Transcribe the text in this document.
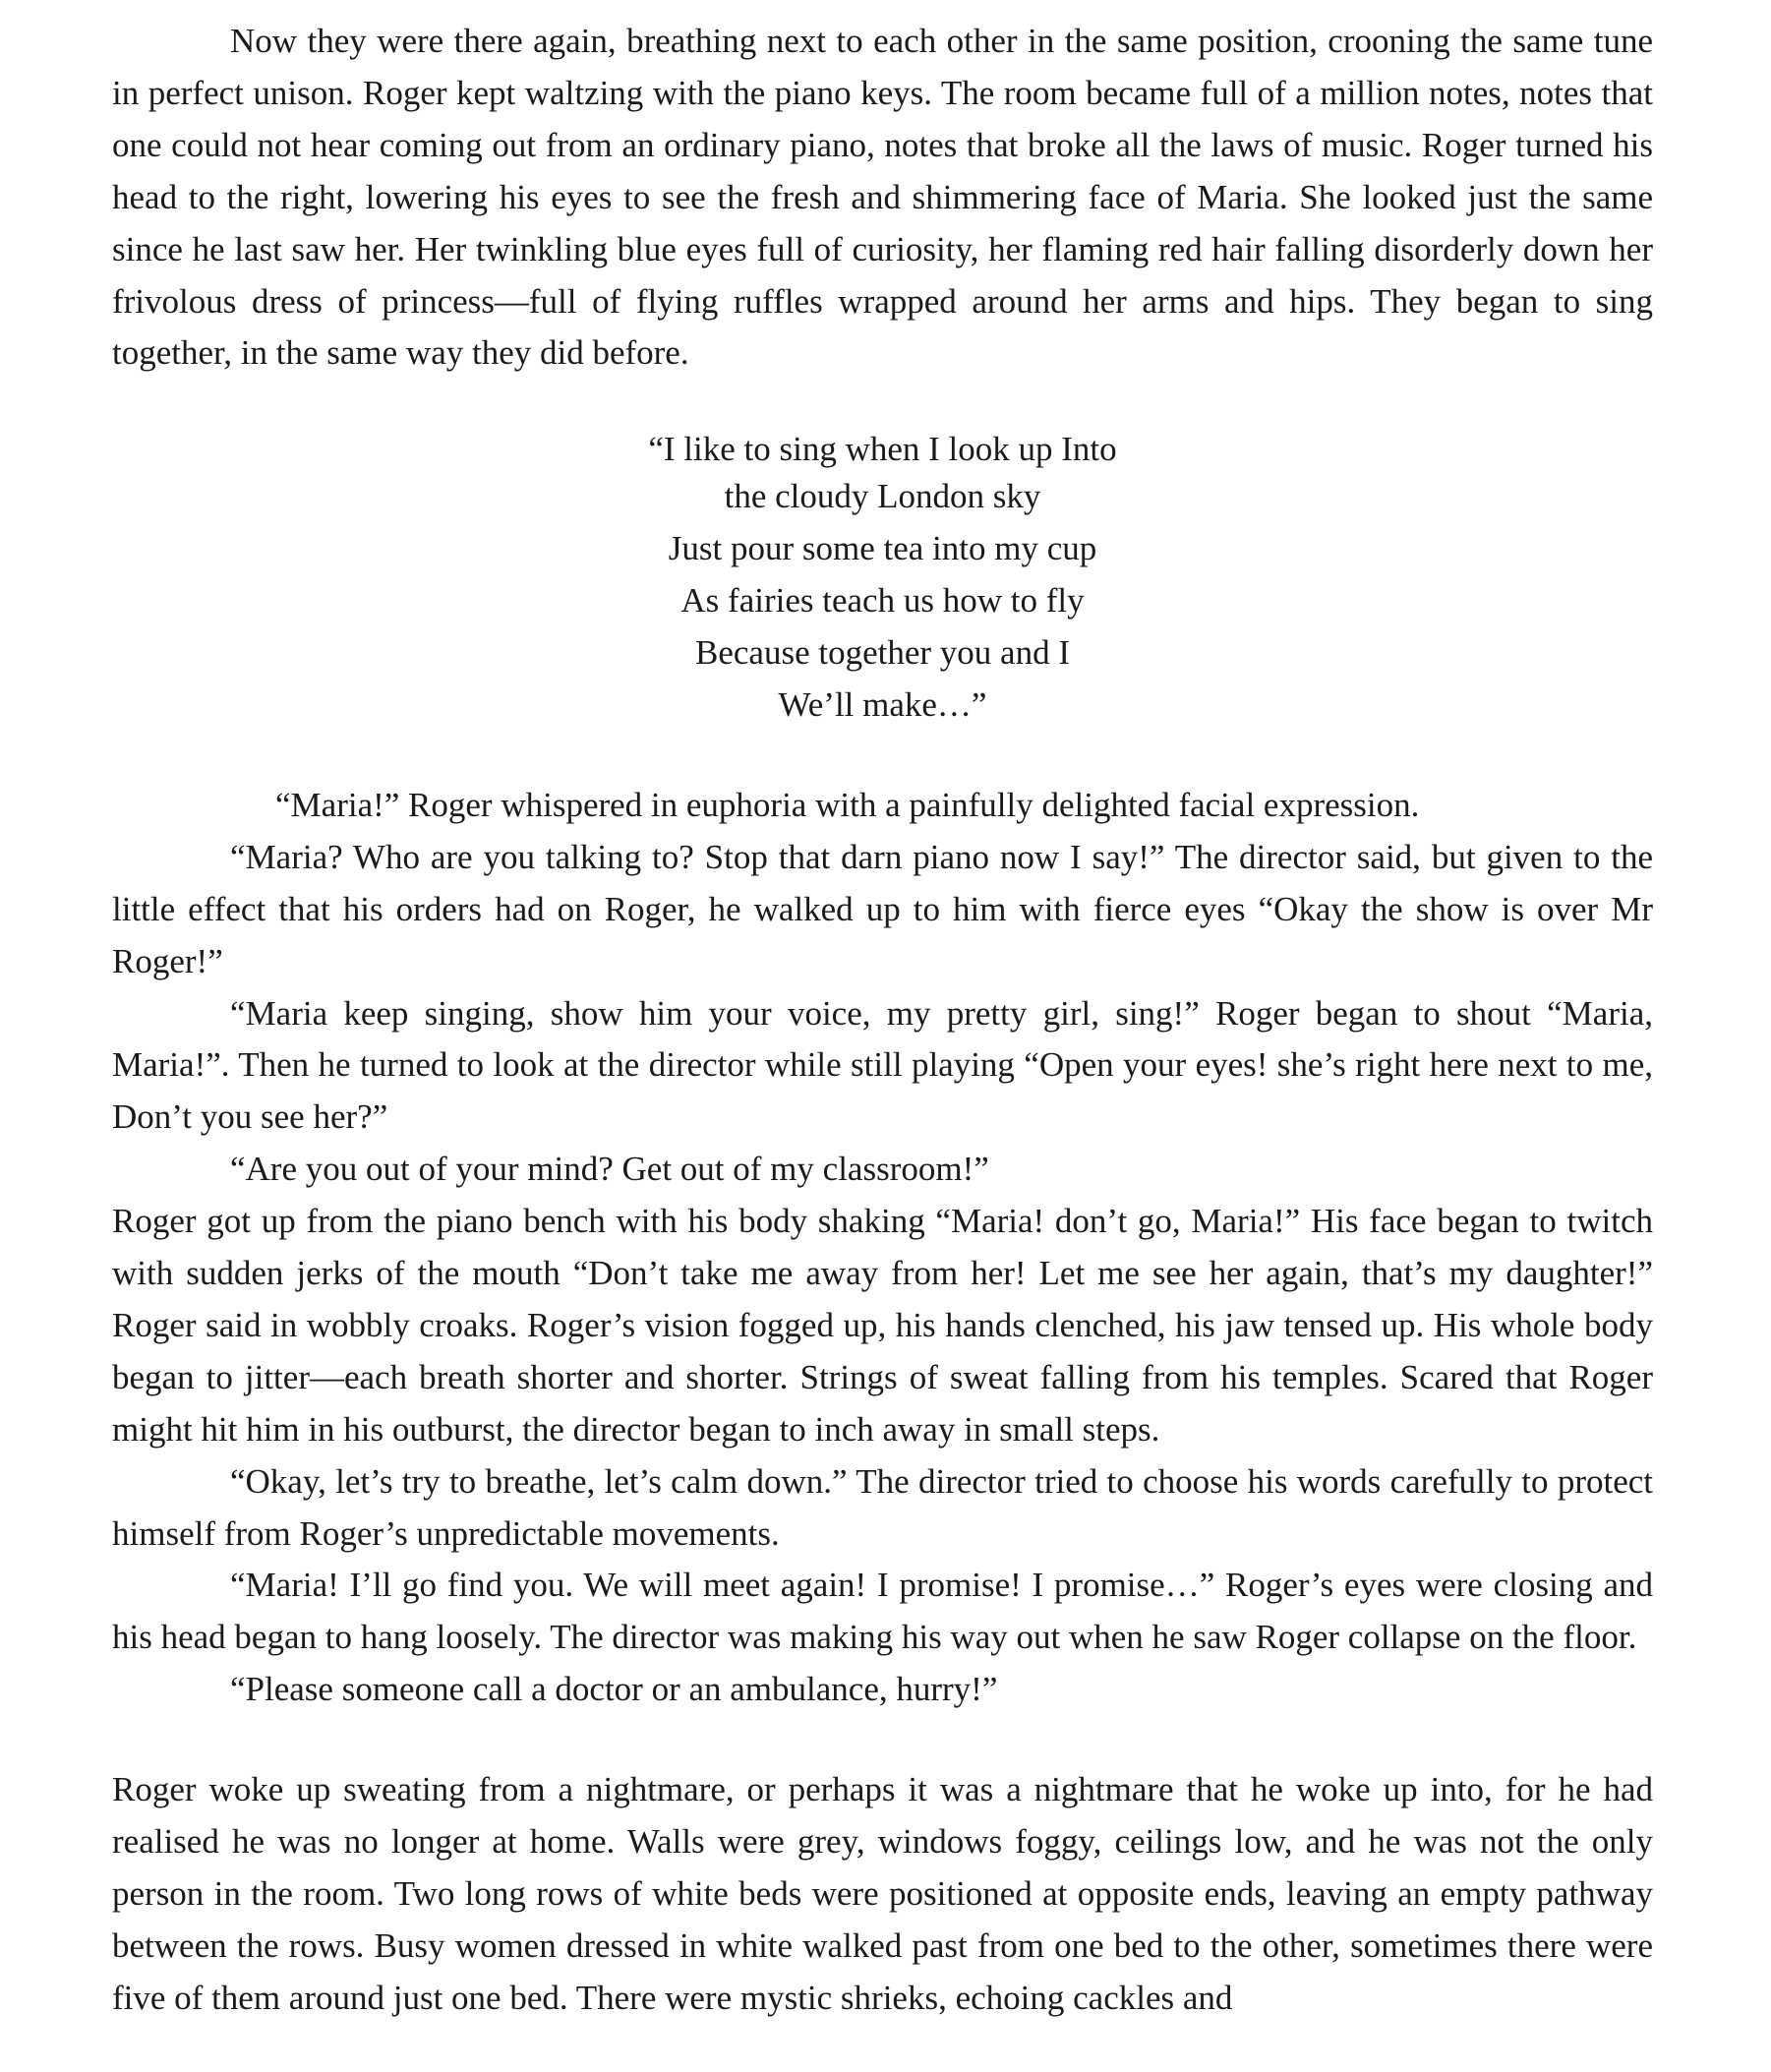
Now they were there again, breathing next to each other in the same position, crooning the same tune in perfect unison. Roger kept waltzing with the piano keys. The room became full of a million notes, notes that one could not hear coming out from an ordinary piano, notes that broke all the laws of music. Roger turned his head to the right, lowering his eyes to see the fresh and shimmering face of Maria. She looked just the same since he last saw her. Her twinkling blue eyes full of curiosity, her flaming red hair falling disorderly down her frivolous dress of princess—full of flying ruffles wrapped around her arms and hips. They began to sing together, in the same way they did before.

“I like to sing when I look up Into
the cloudy London sky
Just pour some tea into my cup
As fairies teach us how to fly
Because together you and I
We’ll make…”

“Maria!” Roger whispered in euphoria with a painfully delighted facial expression.

“Maria? Who are you talking to? Stop that darn piano now I say!” The director said, but given to the little effect that his orders had on Roger, he walked up to him with fierce eyes “Okay the show is over Mr Roger!”

“Maria keep singing, show him your voice, my pretty girl, sing!” Roger began to shout “Maria, Maria!”. Then he turned to look at the director while still playing “Open your eyes! she’s right here next to me, Don’t you see her?”

“Are you out of your mind? Get out of my classroom!”

Roger got up from the piano bench with his body shaking “Maria! don’t go, Maria!” His face began to twitch with sudden jerks of the mouth “Don’t take me away from her! Let me see her again, that’s my daughter!” Roger said in wobbly croaks. Roger’s vision fogged up, his hands clenched, his jaw tensed up. His whole body began to jitter—each breath shorter and shorter. Strings of sweat falling from his temples. Scared that Roger might hit him in his outburst, the director began to inch away in small steps.

“Okay, let’s try to breathe, let’s calm down.” The director tried to choose his words carefully to protect himself from Roger’s unpredictable movements.

“Maria! I’ll go find you. We will meet again! I promise! I promise…” Roger’s eyes were closing and his head began to hang loosely. The director was making his way out when he saw Roger collapse on the floor.

“Please someone call a doctor or an ambulance, hurry!”

Roger woke up sweating from a nightmare, or perhaps it was a nightmare that he woke up into, for he had realised he was no longer at home. Walls were grey, windows foggy, ceilings low, and he was not the only person in the room. Two long rows of white beds were positioned at opposite ends, leaving an empty pathway between the rows. Busy women dressed in white walked past from one bed to the other, sometimes there were five of them around just one bed. There were mystic shrieks, echoing cackles and
